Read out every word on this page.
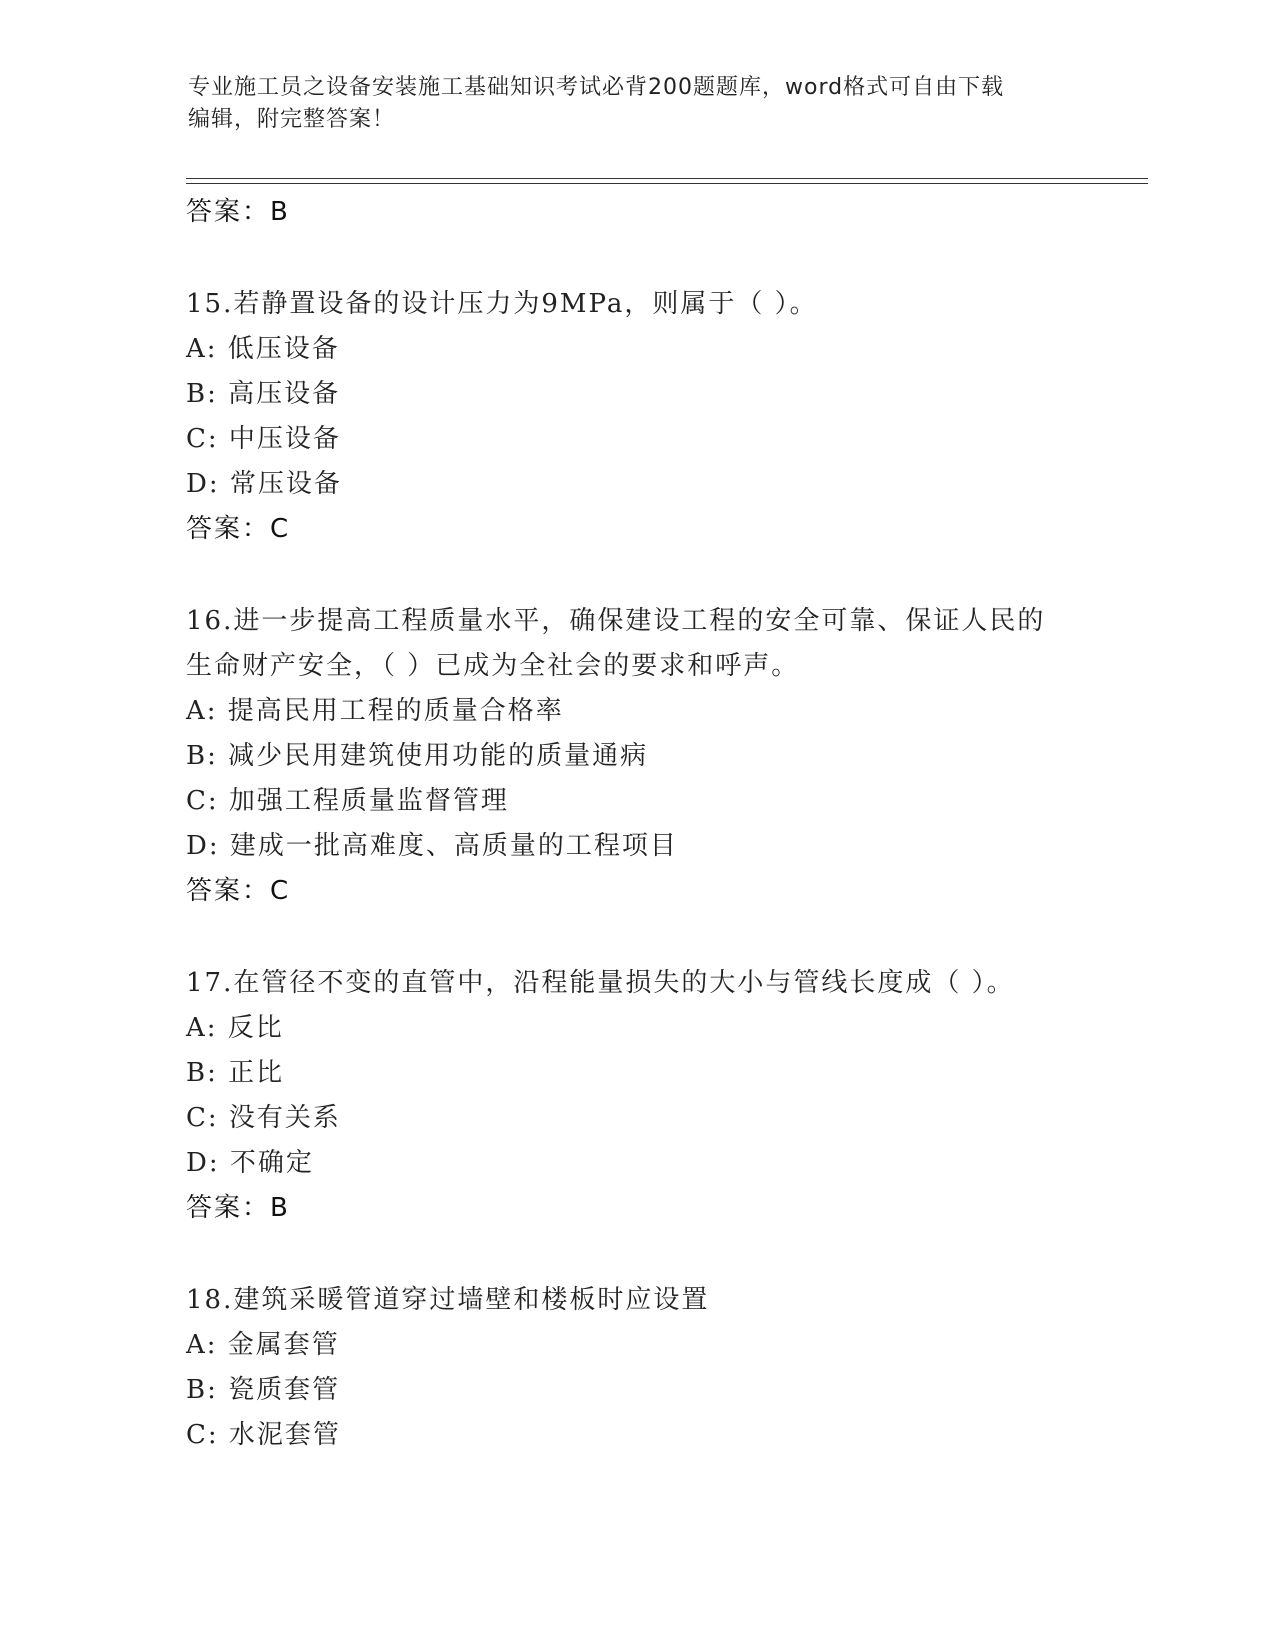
专业施工员之设备安装施工基础知识考试必背200题题库，word格式可自由下载
编辑，附完整答案！
答案：B
15.若静置设备的设计压力为9MPa，则属于（ ）。
A: 低压设备
B: 高压设备
C: 中压设备
D: 常压设备
答案：C
16.进一步提高工程质量水平，确保建设工程的安全可靠、保证人民的
生命财产安全，（ ）已成为全社会的要求和呼声。
A: 提高民用工程的质量合格率
B: 减少民用建筑使用功能的质量通病
C: 加强工程质量监督管理
D: 建成一批高难度、高质量的工程项目
答案：C
17.在管径不变的直管中，沿程能量损失的大小与管线长度成（ ）。
A: 反比
B: 正比
C: 没有关系
D: 不确定
答案：B
18.建筑采暖管道穿过墙壁和楼板时应设置
A: 金属套管
B: 瓷质套管
C: 水泥套管
